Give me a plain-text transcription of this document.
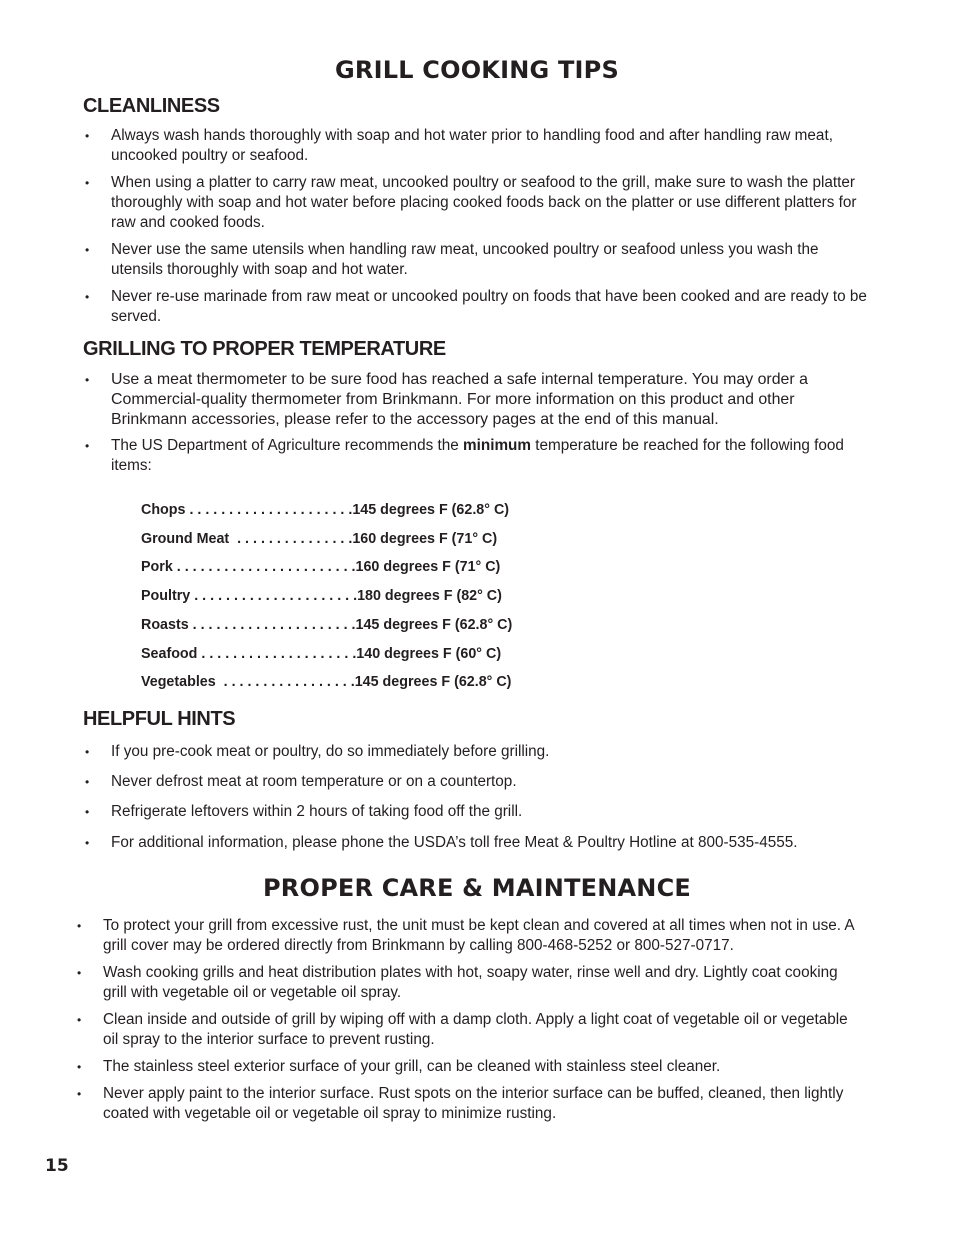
GRILL COOKING TIPS
CLEANLINESS
• Always wash hands thoroughly with soap and hot water prior to handling food and after handling raw meat, uncooked poultry or seafood.
• When using a platter to carry raw meat, uncooked poultry or seafood to the grill, make sure to wash the platter thoroughly with soap and hot water before placing cooked foods back on the platter or use different platters for raw and cooked foods.
• Never use the same utensils when handling raw meat, uncooked poultry or seafood unless you wash the utensils thoroughly with soap and hot water.
• Never re-use marinade from raw meat or uncooked poultry on foods that have been cooked and are ready to be served.
GRILLING TO PROPER TEMPERATURE
• Use a meat thermometer to be sure food has reached a safe internal temperature. You may order a Commercial-quality thermometer from Brinkmann. For more information on this product and other Brinkmann accessories, please refer to the accessory pages at the end of this manual.
• The US Department of Agriculture recommends the minimum temperature be reached for the following food items:
Chops . . . . . . . . . . . . . . . . . . . . .145 degrees F (62.8° C)
Ground Meat  . . . . . . . . . . . . . . .160 degrees F (71° C)
Pork . . . . . . . . . . . . . . . . . . . . . . .160 degrees F (71° C)
Poultry . . . . . . . . . . . . . . . . . . . . .180 degrees F (82° C)
Roasts . . . . . . . . . . . . . . . . . . . . .145 degrees F (62.8° C)
Seafood . . . . . . . . . . . . . . . . . . . .140 degrees F (60° C)
Vegetables  . . . . . . . . . . . . . . . . .145 degrees F (62.8° C)
HELPFUL HINTS
• If you pre-cook meat or poultry, do so immediately before grilling.
• Never defrost meat at room temperature or on a countertop.
• Refrigerate leftovers within 2 hours of taking food off the grill.
• For additional information, please phone the USDA’s toll free Meat & Poultry Hotline at 800-535-4555.
PROPER CARE & MAINTENANCE
• To protect your grill from excessive rust, the unit must be kept clean and covered at all times when not in use. A grill cover may be ordered directly from Brinkmann by calling 800-468-5252 or 800-527-0717.
• Wash cooking grills and heat distribution plates with hot, soapy water, rinse well and dry. Lightly coat cooking grill with vegetable oil or vegetable oil spray.
• Clean inside and outside of grill by wiping off with a damp cloth. Apply a light coat of vegetable oil or vegetable oil spray to the interior surface to prevent rusting.
• The stainless steel exterior surface of your grill, can be cleaned with stainless steel cleaner.
• Never apply paint to the interior surface. Rust spots on the interior surface can be buffed, cleaned, then lightly coated with vegetable oil or vegetable oil spray to minimize rusting.
15
